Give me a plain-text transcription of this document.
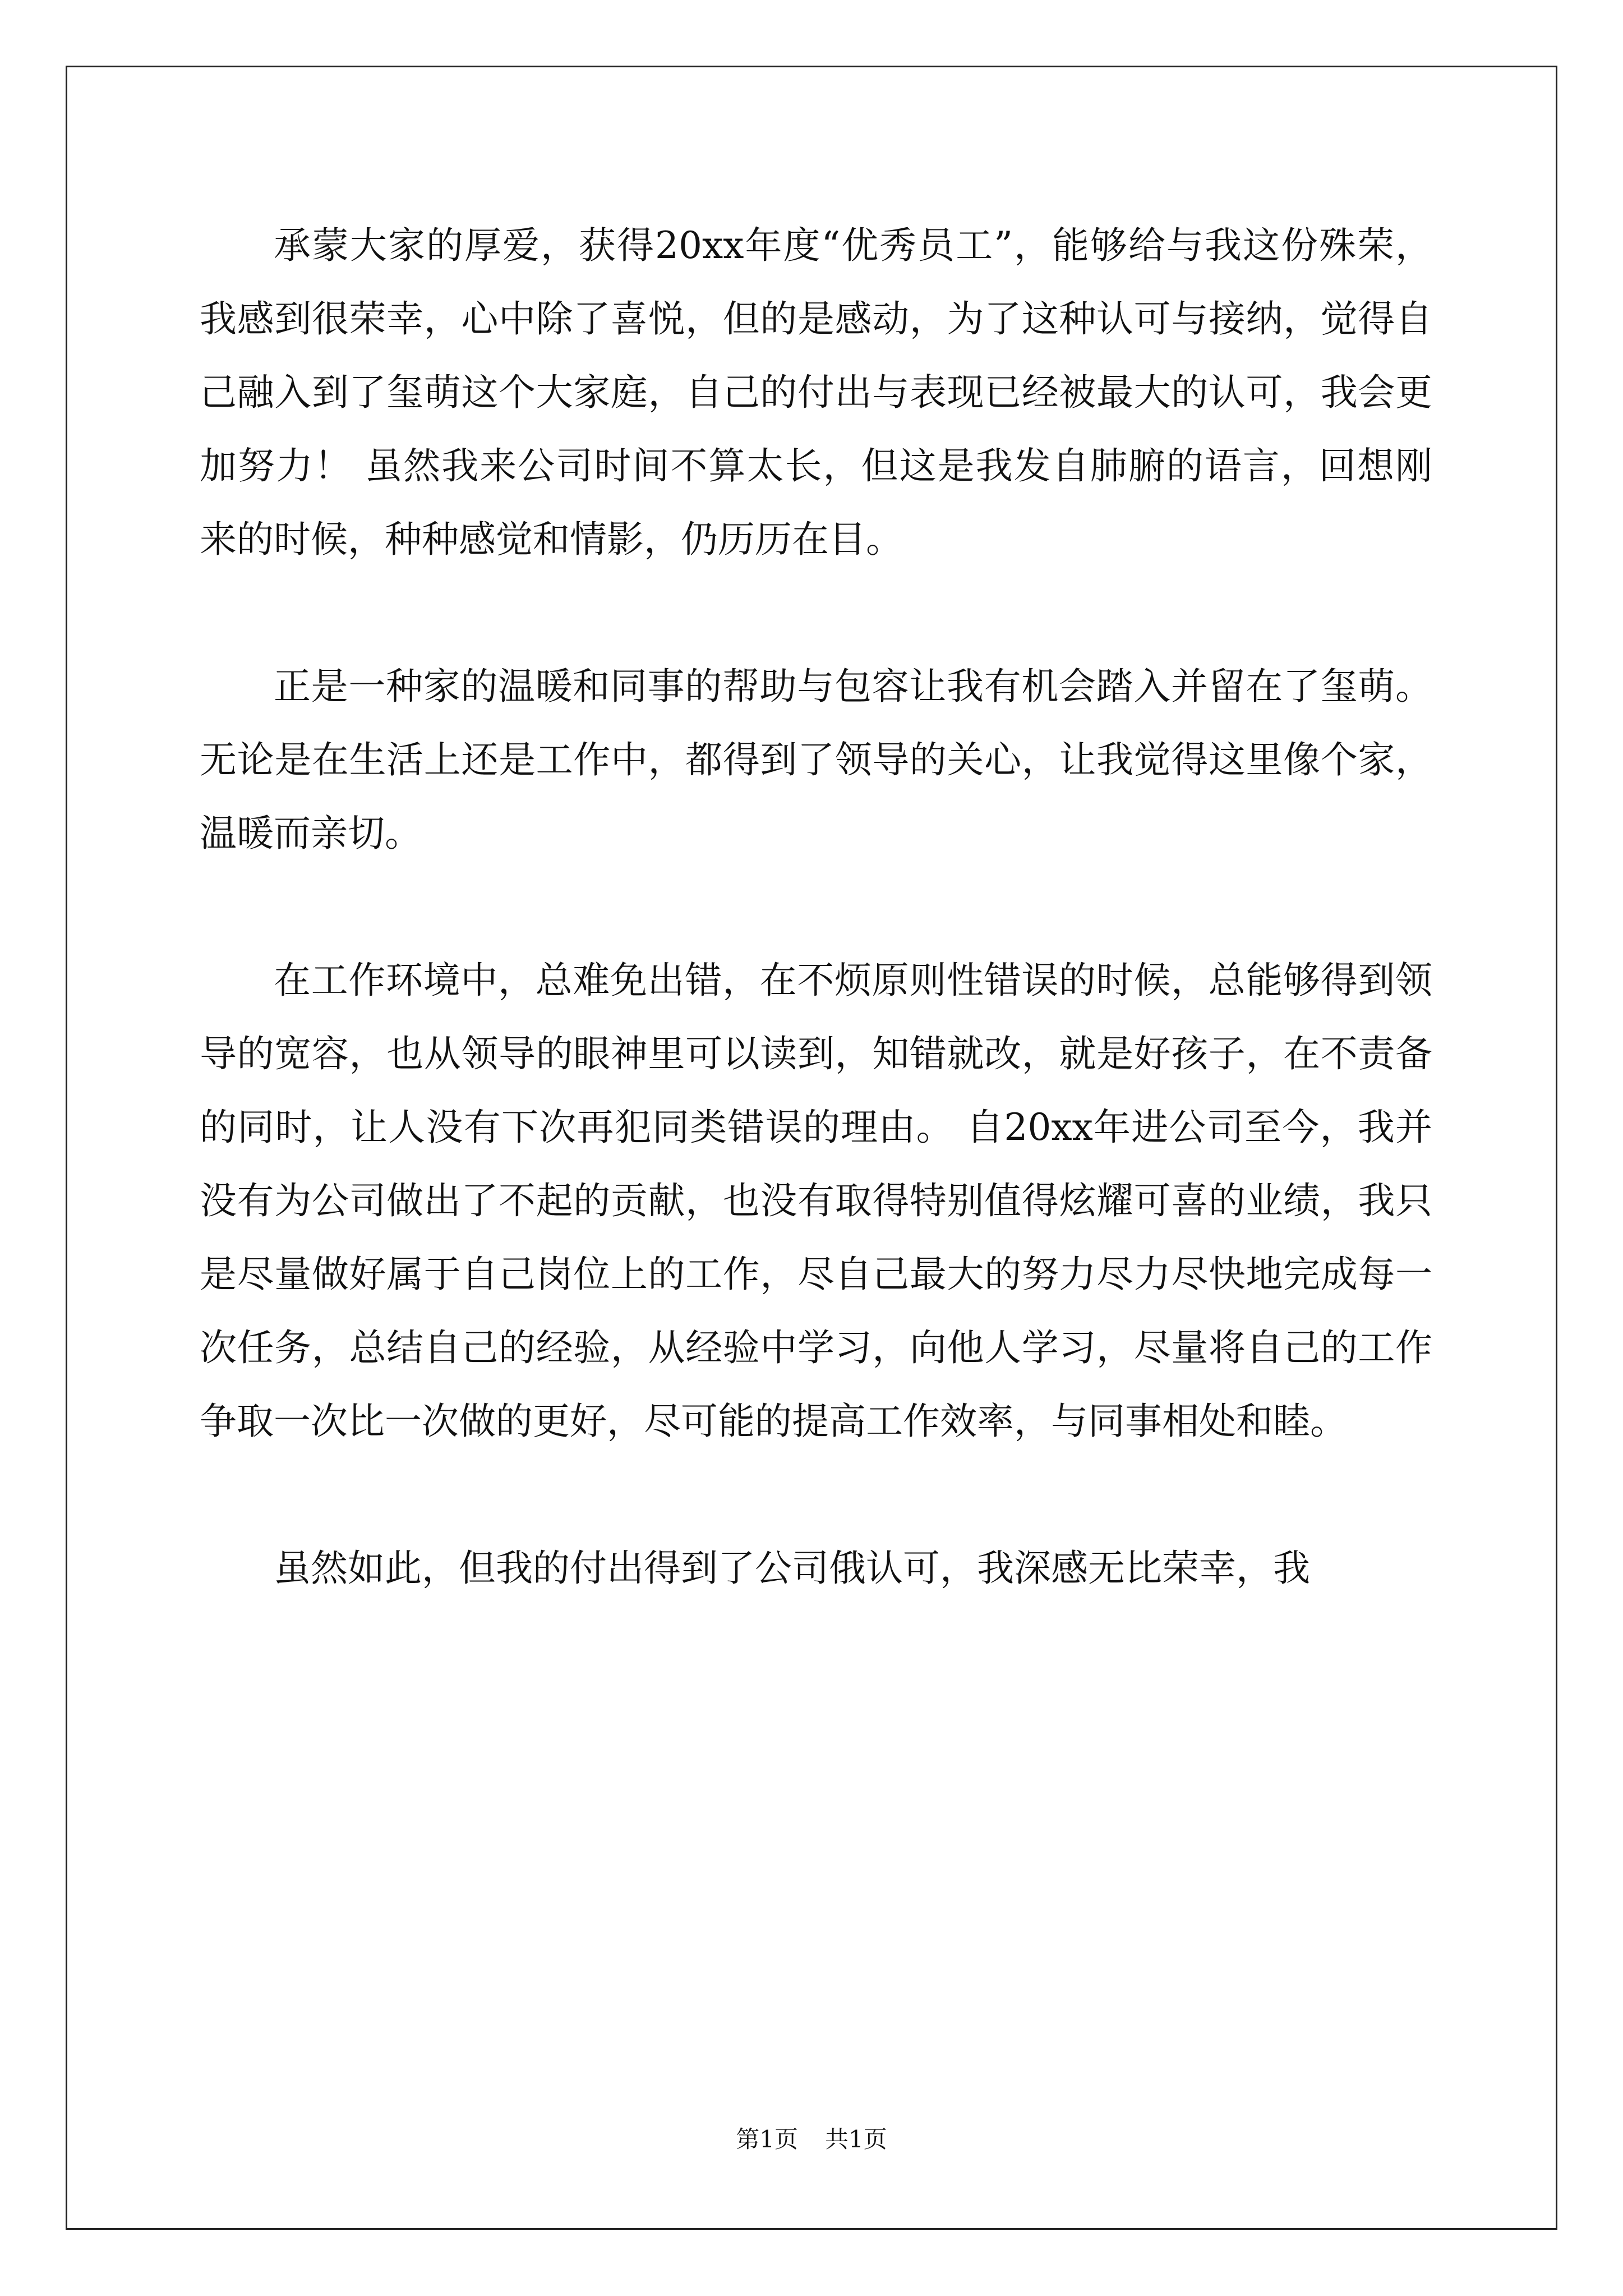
承蒙大家的厚爱，获得20xx年度“优秀员工”，能够给与我这份殊荣，我感到很荣幸，心中除了喜悦，但的是感动，为了这种认可与接纳，觉得自己融入到了玺萌这个大家庭，自己的付出与表现已经被最大的认可，我会更加努力！ 虽然我来公司时间不算太长，但这是我发自肺腑的语言，回想刚来的时候，种种感觉和情影，仍历历在目。

正是一种家的温暖和同事的帮助与包容让我有机会踏入并留在了玺萌。 无论是在生活上还是工作中，都得到了领导的关心，让我觉得这里像个家，温暖而亲切。

在工作环境中，总难免出错，在不烦原则性错误的时候，总能够得到领导的宽容，也从领导的眼神里可以读到，知错就改，就是好孩子，在不责备的同时，让人没有下次再犯同类错误的理由。 自20xx年进公司至今，我并没有为公司做出了不起的贡献，也没有取得特别值得炫耀可喜的业绩，我只是尽量做好属于自己岗位上的工作，尽自己最大的努力尽力尽快地完成每一次任务，总结自己的经验，从经验中学习，向他人学习，尽量将自己的工作争取一次比一次做的更好，尽可能的提高工作效率，与同事相处和睦。

虽然如此，但我的付出得到了公司俄认可，我深感无比荣幸，我

第1页 共1页
